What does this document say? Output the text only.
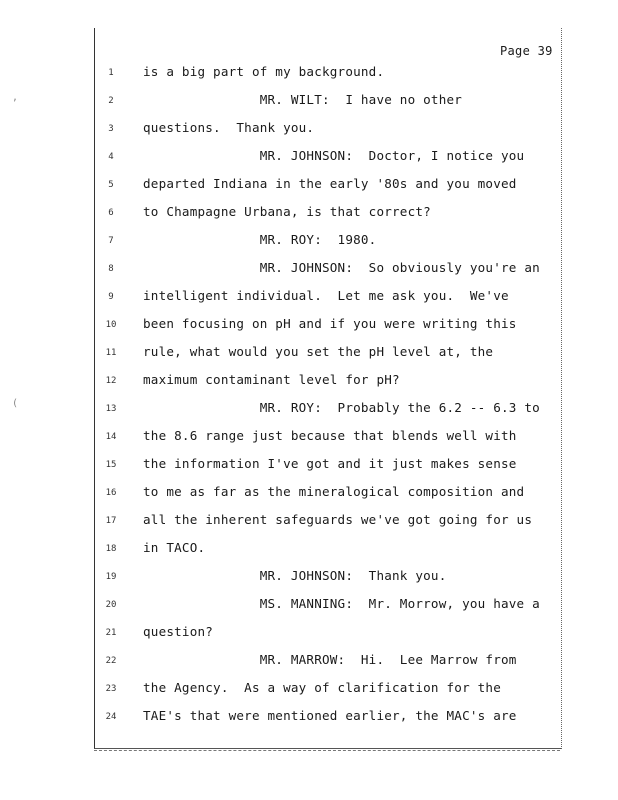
Page 39
,
(
1	is a big part of my background.
2	MR. WILT:  I have no other
3	questions.  Thank you.
4	MR. JOHNSON:  Doctor, I notice you
5	departed Indiana in the early '80s and you moved
6	to Champagne Urbana, is that correct?
7	MR. ROY:  1980.
8	MR. JOHNSON:  So obviously you're an
9	intelligent individual.  Let me ask you.  We've
10	been focusing on pH and if you were writing this
11	rule, what would you set the pH level at, the
12	maximum contaminant level for pH?
13	MR. ROY:  Probably the 6.2 -- 6.3 to
14	the 8.6 range just because that blends well with
15	the information I've got and it just makes sense
16	to me as far as the mineralogical composition and
17	all the inherent safeguards we've got going for us
18	in TACO.
19	MR. JOHNSON:  Thank you.
20	MS. MANNING:  Mr. Morrow, you have a
21	question?
22	MR. MARROW:  Hi.  Lee Marrow from
23	the Agency.  As a way of clarification for the
24	TAE's that were mentioned earlier, the MAC's are
